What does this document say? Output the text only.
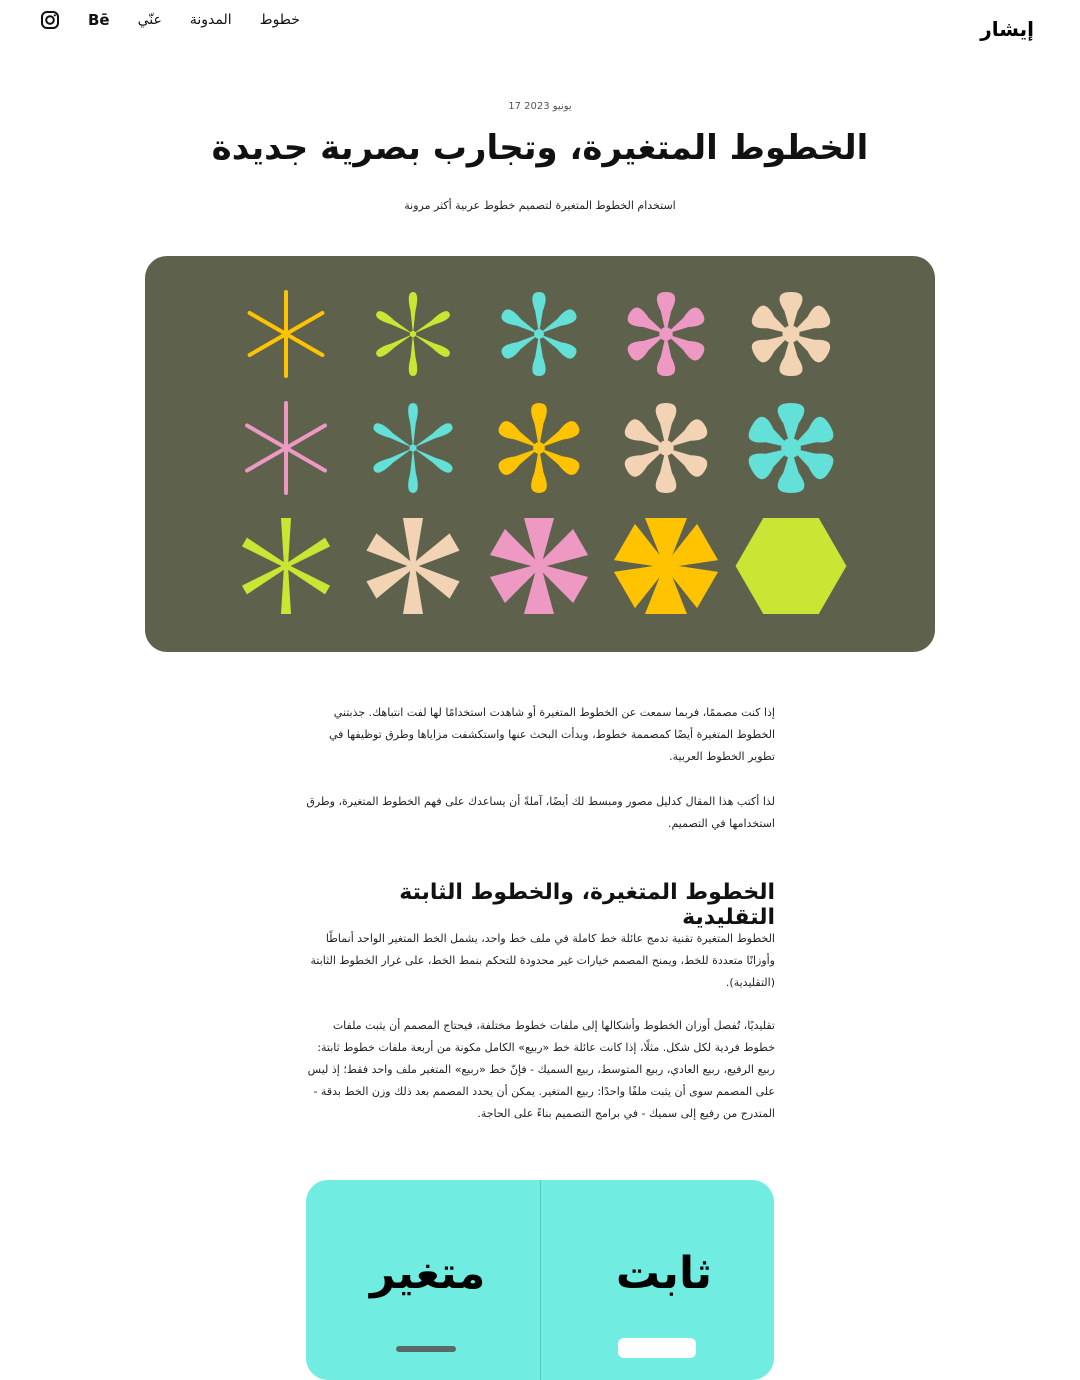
إيشار
Bē عنّي المدونة خطوط
17 يونيو 2023
الخطوط المتغيرة، وتجارب بصرية جديدة
استخدام الخطوط المتغيرة لتصميم خطوط عربية أكثر مرونة

إذا كنت مصممًا، فربما سمعت عن الخطوط المتغيرة أو شاهدت استخدامًا لها لفت انتباهك. جذبتني الخطوط المتغيرة أيضًا كمصممة خطوط، وبدأت البحث عنها واستكشفت مزاياها وطرق توظيفها في تطوير الخطوط العربية.

لذا أكتب هذا المقال كدليل مصور ومبسط لك أيضًا، آملةً أن يساعدك على فهم الخطوط المتغيرة، وطرق استخدامها في التصميم.

الخطوط المتغيرة، والخطوط الثابتة التقليدية

الخطوط المتغيرة تقنية تدمج عائلة خط كاملة في ملف خط واحد، يشمل الخط المتغير الواحد أنماطًا وأوزانًا متعددة للخط، ويمنح المصمم خيارات غير محدودة للتحكم بنمط الخط، على غرار الخطوط الثابتة (التقليدية).

تقليديًا، تُفصل أوزان الخطوط وأشكالها إلى ملفات خطوط مختلفة، فيحتاج المصمم أن يثبت ملفات خطوط فردية لكل شكل. مثلًا، إذا كانت عائلة خط «ربيع» الكامل مكونة من أربعة ملفات خطوط ثابتة: ربيع الرفيع، ربيع العادي، ربيع المتوسط، ربيع السميك - فإنّ خط «ربيع» المتغير ملف واحد فقط؛ إذ ليس على المصمم سوى أن يثبت ملفًا واحدًا: ربيع المتغير. يمكن أن يحدد المصمم بعد ذلك وزن الخط بدقة - المتدرج من رفيع إلى سميك - في برامج التصميم بناءً على الحاجة.

ثابت
متغير
